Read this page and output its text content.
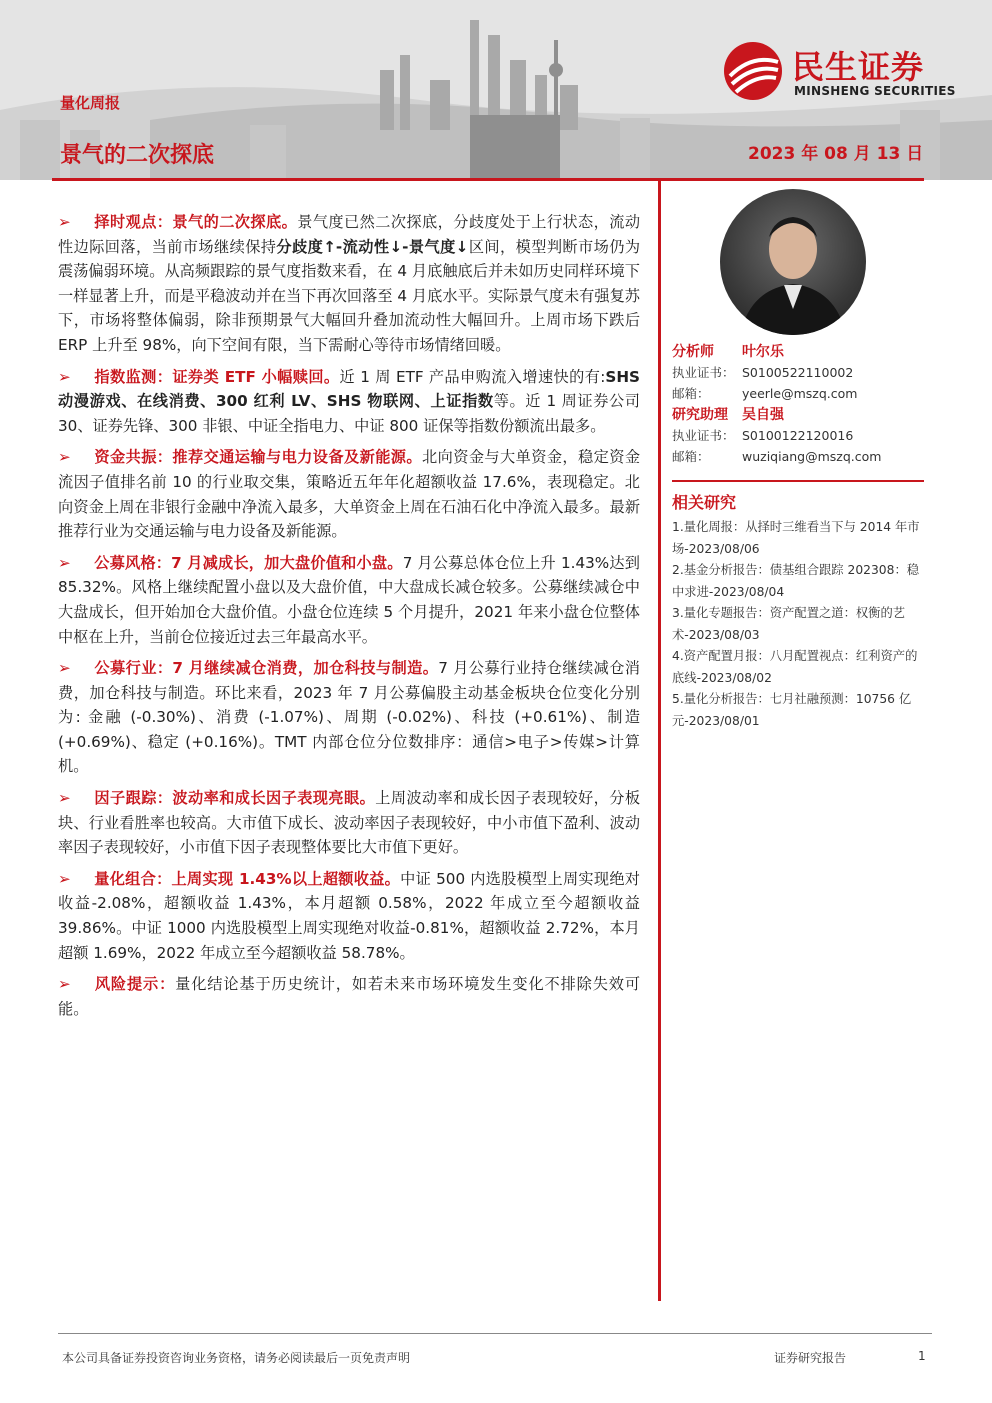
量化周报
景气的二次探底	2023 年 08 月 13 日
民生证券
MINSHENG SECURITIES
➢ 择时观点：景气的二次探底。景气度已然二次探底，分歧度处于上行状态，流动性边际回落，当前市场继续保持分歧度↑-流动性↓-景气度↓区间，模型判断市场仍为震荡偏弱环境。从高频跟踪的景气度指数来看，在 4 月底触底后并未如历史同样环境下一样显著上升，而是平稳波动并在当下再次回落至 4 月底水平。实际景气度未有强复苏下，市场将整体偏弱，除非预期景气大幅回升叠加流动性大幅回升。上周市场下跌后 ERP 上升至 98%，向下空间有限，当下需耐心等待市场情绪回暖。
➢ 指数监测：证券类 ETF 小幅赎回。近 1 周 ETF 产品申购流入增速快的有:SHS 动漫游戏、在线消费、300 红利 LV、SHS 物联网、上证指数等。近 1 周证券公司 30、证券先锋、300 非银、中证全指电力、中证 800 证保等指数份额流出最多。
➢ 资金共振：推荐交通运输与电力设备及新能源。北向资金与大单资金，稳定资金流因子值排名前 10 的行业取交集，策略近五年年化超额收益 17.6%，表现稳定。北向资金上周在非银行金融中净流入最多，大单资金上周在石油石化中净流入最多。最新推荐行业为交通运输与电力设备及新能源。
➢ 公募风格：7 月减成长，加大盘价值和小盘。7 月公募总体仓位上升 1.43%达到 85.32%。风格上继续配置小盘以及大盘价值，中大盘成长减仓较多。公募继续减仓中大盘成长，但开始加仓大盘价值。小盘仓位连续 5 个月提升，2021 年来小盘仓位整体中枢在上升，当前仓位接近过去三年最高水平。
➢ 公募行业：7 月继续减仓消费，加仓科技与制造。7 月公募行业持仓继续减仓消费，加仓科技与制造。环比来看，2023 年 7 月公募偏股主动基金板块仓位变化分别为: 金融 (-0.30%)、消费 (-1.07%)、周期 (-0.02%)、科技 (+0.61%)、制造 (+0.69%)、稳定 (+0.16%)。TMT 内部仓位分位数排序：通信>电子>传媒>计算机。
➢ 因子跟踪：波动率和成长因子表现亮眼。上周波动率和成长因子表现较好，分板块、行业看胜率也较高。大市值下成长、波动率因子表现较好，中小市值下盈利、波动率因子表现较好，小市值下因子表现整体要比大市值下更好。
➢ 量化组合：上周实现 1.43%以上超额收益。中证 500 内选股模型上周实现绝对收益-2.08%，超额收益 1.43%，本月超额 0.58%，2022 年成立至今超额收益 39.86%。中证 1000 内选股模型上周实现绝对收益-0.81%，超额收益 2.72%，本月超额 1.69%，2022 年成立至今超额收益 58.78%。
➢ 风险提示：量化结论基于历史统计，如若未来市场环境发生变化不排除失效可能。
分析师 叶尔乐
执业证书： S0100522110002
邮箱：	yeerle@mszq.com
研究助理 吴自强
执业证书： S0100122120016
邮箱：	wuziqiang@mszq.com
相关研究
1.量化周报：从择时三维看当下与 2014 年市场-2023/08/06
2.基金分析报告：债基组合跟踪 202308：稳中求进-2023/08/04
3.量化专题报告：资产配置之道：权衡的艺术-2023/08/03
4.资产配置月报：八月配置视点：红利资产的底线-2023/08/02
5.量化分析报告：七月社融预测：10756 亿元-2023/08/01
本公司具备证券投资咨询业务资格，请务必阅读最后一页免责声明	证券研究报告	1
